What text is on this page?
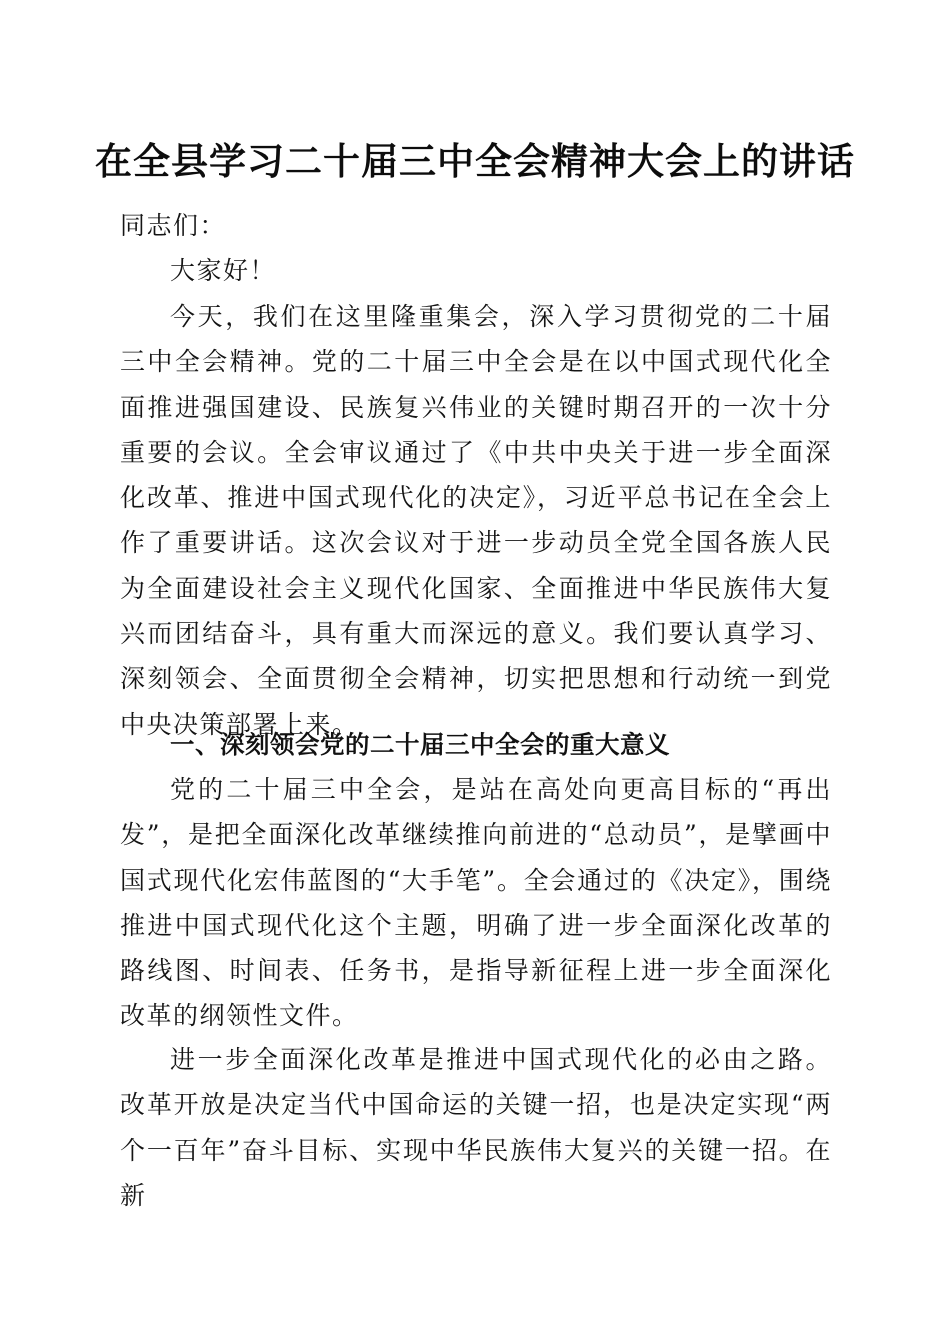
在全县学习二十届三中全会精神大会上的讲话
同志们：
大家好！

今天，我们在这里隆重集会，深入学习贯彻党的二十届三中全会精神。党的二十届三中全会是在以中国式现代化全面推进强国建设、民族复兴伟业的关键时期召开的一次十分重要的会议。全会审议通过了《中共中央关于进一步全面深化改革、推进中国式现代化的决定》，习近平总书记在全会上作了重要讲话。这次会议对于进一步动员全党全国各族人民为全面建设社会主义现代化国家、全面推进中华民族伟大复兴而团结奋斗，具有重大而深远的意义。我们要认真学习、深刻领会、全面贯彻全会精神，切实把思想和行动统一到党中央决策部署上来。

一、深刻领会党的二十届三中全会的重大意义

党的二十届三中全会，是站在高处向更高目标的“再出发”，是把全面深化改革继续推向前进的“总动员”，是擘画中国式现代化宏伟蓝图的“大手笔”。全会通过的《决定》，围绕推进中国式现代化这个主题，明确了进一步全面深化改革的路线图、时间表、任务书，是指导新征程上进一步全面深化改革的纲领性文件。

进一步全面深化改革是推进中国式现代化的必由之路。改革开放是决定当代中国命运的关键一招，也是决定实现“两个一百年”奋斗目标、实现中华民族伟大复兴的关键一招。在新
